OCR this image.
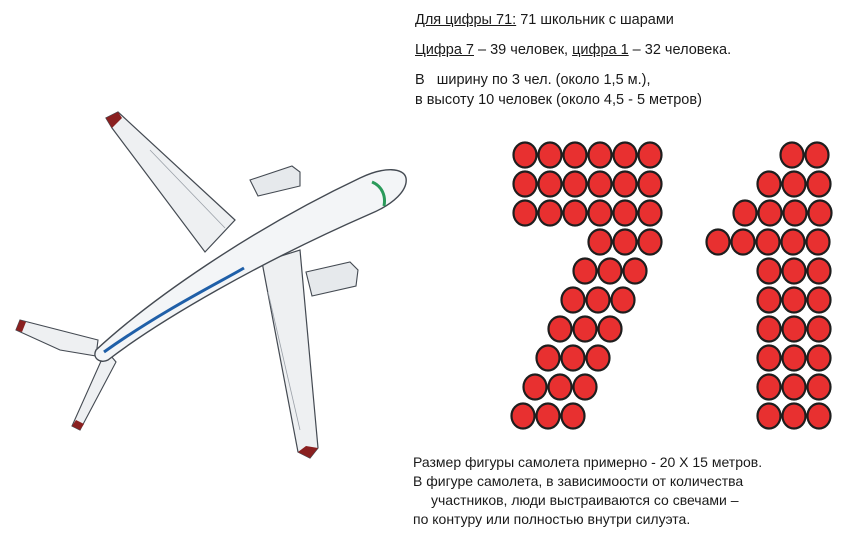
Для цифры 71: 71 школьник с шарами
Цифра 7 – 39 человек, цифра 1 – 32 человека.
В   ширину по 3 чел. (около 1,5 м.),
в высоту 10 человек (около 4,5 - 5 метров)
Размер фигуры самолета примерно - 20 Х 15 метров.
В фигуре самолета, в зависимоости от количества
участников, люди выстраиваются со свечами –
по контуру или полностью внутри силуэта.
